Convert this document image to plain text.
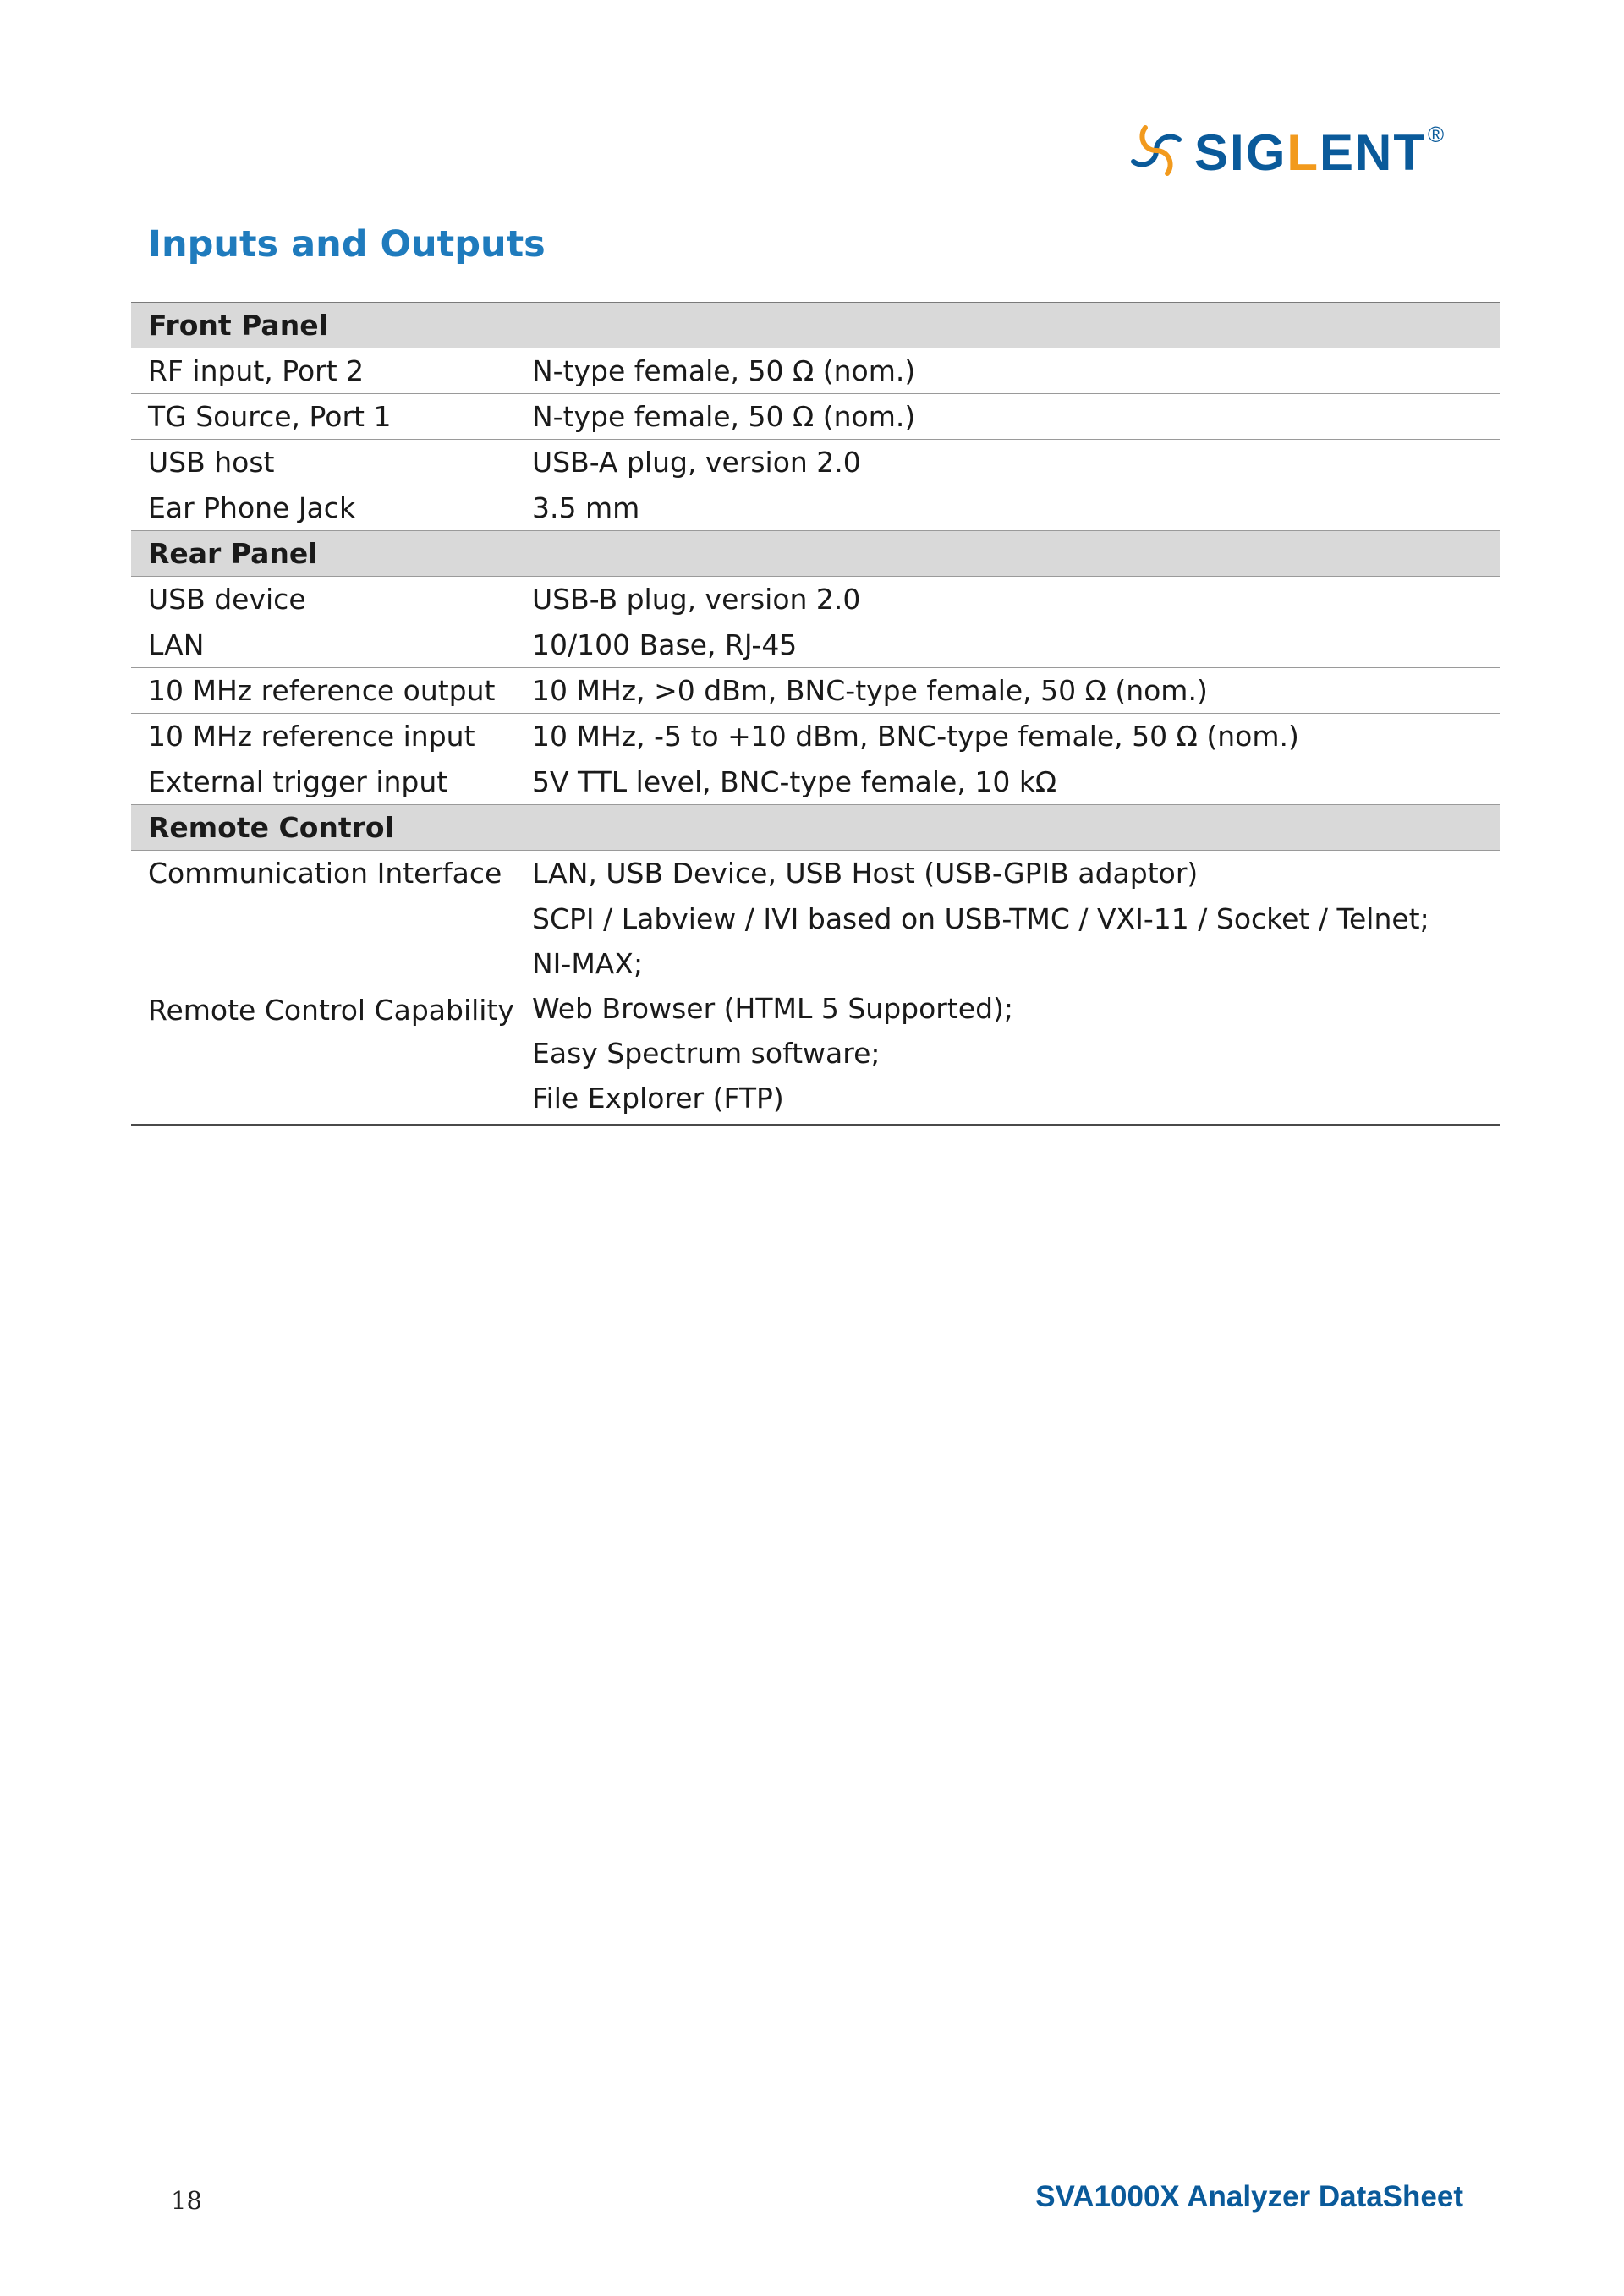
SIGLENT ®
Inputs and Outputs
Front Panel	
RF input, Port 2	N-type female, 50 Ω (nom.)
TG Source, Port 1	N-type female, 50 Ω (nom.)
USB host	USB-A plug, version 2.0
Ear Phone Jack	3.5 mm
Rear Panel	
USB device	USB-B plug, version 2.0
LAN	10/100 Base, RJ-45
10 MHz reference output	10 MHz, >0 dBm, BNC-type female, 50 Ω (nom.)
10 MHz reference input	10 MHz, -5 to +10 dBm, BNC-type female, 50 Ω (nom.)
External trigger input	5V TTL level, BNC-type female, 10 kΩ
Remote Control	
Communication Interface	LAN, USB Device, USB Host (USB-GPIB adaptor)
Remote Control Capability	SCPI / Labview / IVI based on USB-TMC / VXI-11 / Socket / Telnet;
NI-MAX;
Web Browser (HTML 5 Supported);
Easy Spectrum software;
File Explorer (FTP)
18	SVA1000X Analyzer DataSheet
